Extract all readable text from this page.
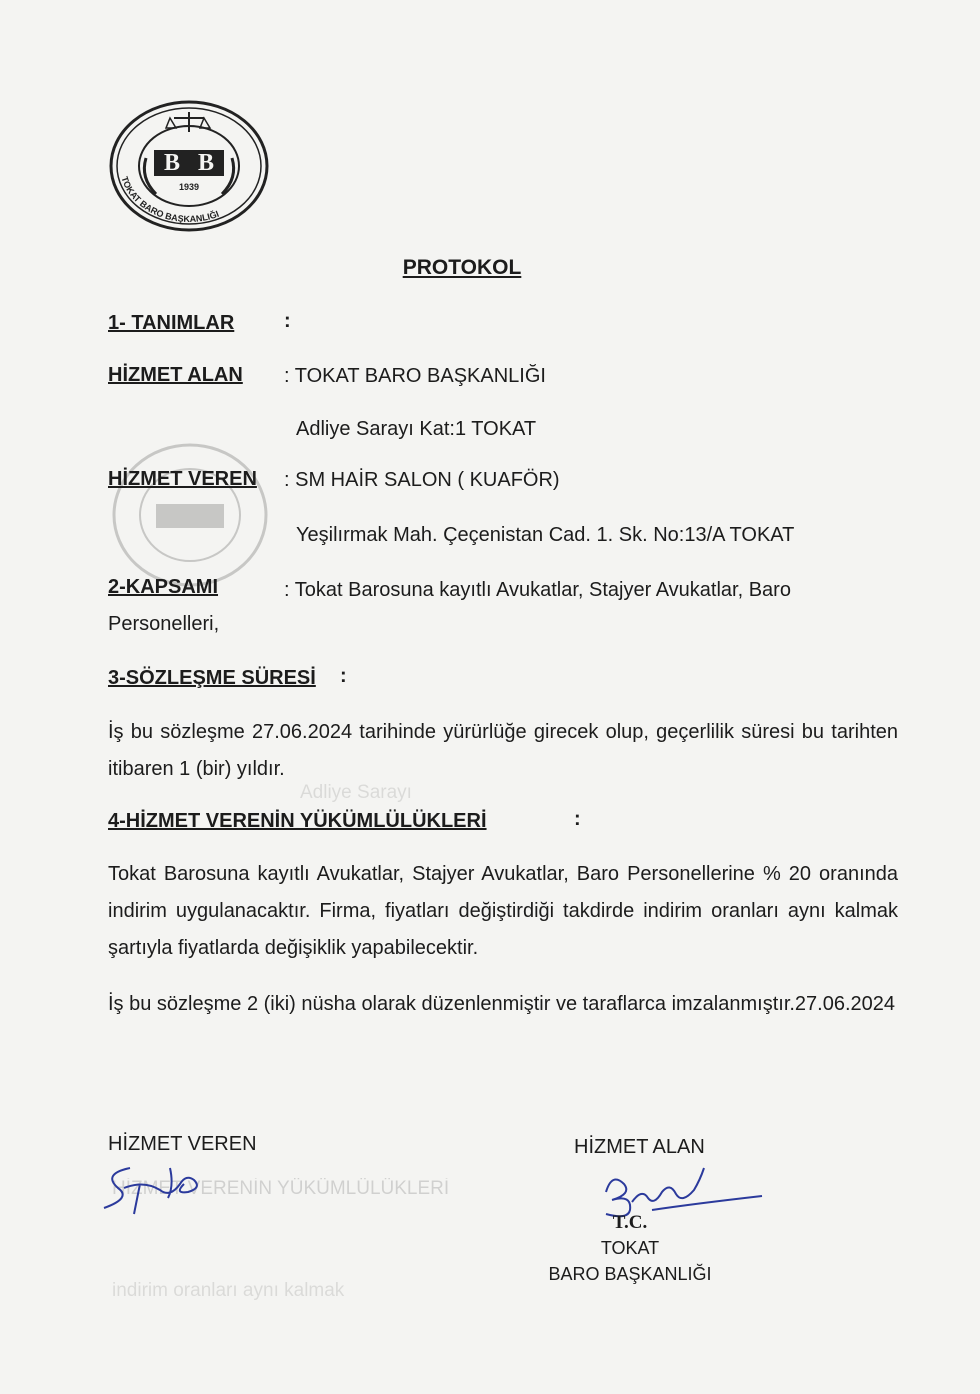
B B
1939
TOKAT BARO BAŞKANLIĞI
Adliye Sarayı
HİZMET VERENİN YÜKÜMLÜLÜKLERİ
indirim oranları aynı kalmak
PROTOKOL
1- TANIMLAR :
HİZMET ALAN : TOKAT BARO BAŞKANLIĞI
Adliye Sarayı Kat:1 TOKAT
HİZMET VEREN : SM HAİR SALON ( KUAFÖR)
Yeşilırmak Mah. Çeçenistan Cad. 1. Sk. No:13/A TOKAT
2-KAPSAMI	: Tokat Barosuna kayıtlı Avukatlar, Stajyer Avukatlar, Baro
Personelleri,
3-SÖZLEŞME SÜRESİ :
İş bu sözleşme 27.06.2024 tarihinde yürürlüğe girecek olup, geçerlilik süresi bu tarihten itibaren 1 (bir) yıldır.
4-HİZMET VERENİN YÜKÜMLÜLÜKLERİ	:
Tokat Barosuna kayıtlı Avukatlar, Stajyer Avukatlar, Baro Personellerine % 20 oranında indirim uygulanacaktır. Firma, fiyatları değiştirdiği takdirde indirim oranları aynı kalmak şartıyla fiyatlarda değişiklik yapabilecektir.
İş bu sözleşme 2 (iki) nüsha olarak düzenlenmiştir ve taraflarca imzalanmıştır.27.06.2024
HİZMET VEREN	HİZMET ALAN
T.C.
TOKAT
BARO BAŞKANLIĞI
